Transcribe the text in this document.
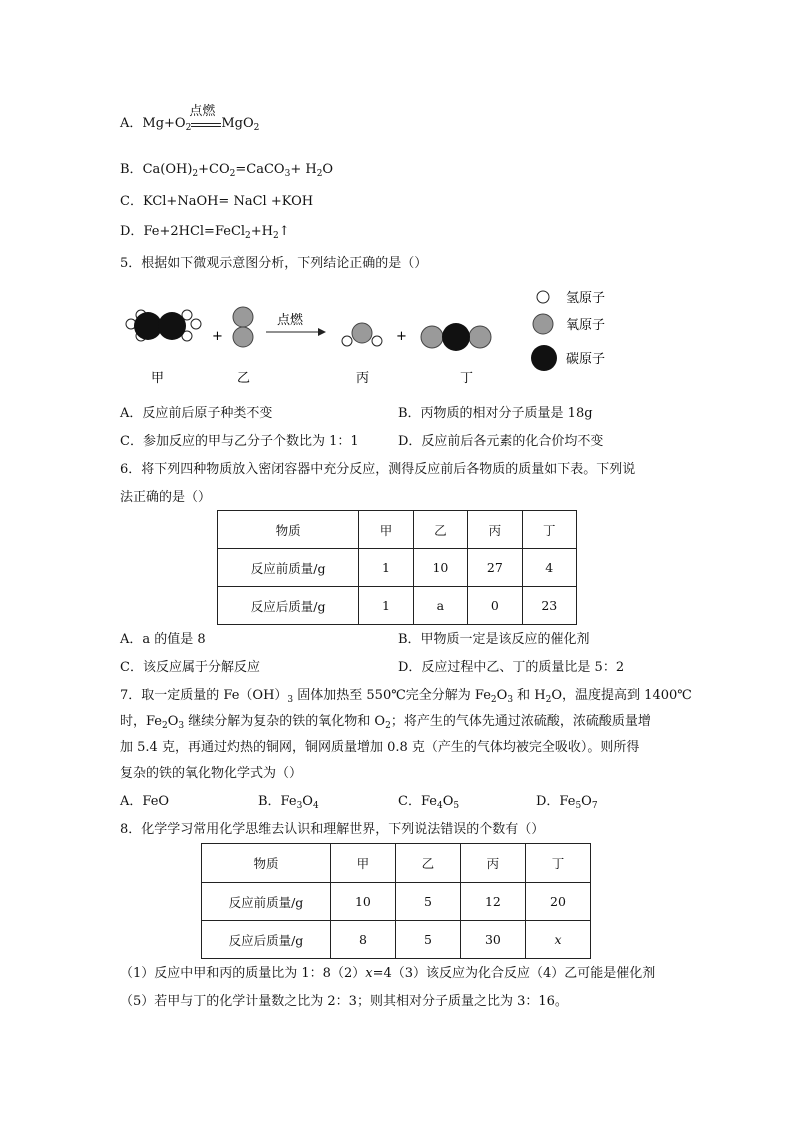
A．$Mg+O_2$
点燃
MgO$_2$
B．$Ca(OH)_2+CO_2=CaCO_3+ H_2O$
C．KCl+NaOH= NaCl +KOH
D．$Fe+2HCl=FeCl_2+H_2↑$
5．根据如下微观示意图分析，下列结论正确的是（）
+
点燃
+
甲	乙	丙	丁
氢原子
氧原子
碳原子
A．反应前后原子种类不变	B．丙物质的相对分子质量是 18g
C．参加反应的甲与乙分子个数比为 1：1	D．反应前后各元素的化合价均不变
6．将下列四种物质放入密闭容器中充分反应，测得反应前后各物质的质量如下表。下列说
法正确的是（）
物质	甲	乙	丙	丁
反应前质量/g	1	10	27	4
反应后质量/g	1	a	0	23
A．a 的值是 8	B．甲物质一定是该反应的催化剂
C．该反应属于分解反应	D．反应过程中乙、丁的质量比是 5：2
7．取一定质量的 $Fe(OH)_3$ 固体加热至 550℃完全分解为 $Fe_2O_3$ 和 $H_2O$，温度提高到 1400℃
时，$Fe_2O_3$ 继续分解为复杂的铁的氧化物和 $O_2$；将产生的气体先通过浓硫酸，浓硫酸质量增
加 5.4 克，再通过灼热的铜网，铜网质量增加 0.8 克（产生的气体均被完全吸收）。则所得
复杂的铁的氧化物化学式为（）
A．FeO	B．$Fe_3O_4$	C．$Fe_4O_5$	D．$Fe_5O_7$
8．化学学习常用化学思维去认识和理解世界，下列说法错误的个数有（）
物质	甲	乙	丙	丁
反应前质量/g	10	5	12	20
反应后质量/g	8	5	30	x
（1）反应中甲和丙的质量比为 1：8（2）x=4（3）该反应为化合反应（4）乙可能是催化剂
（5）若甲与丁的化学计量数之比为 2：3；则其相对分子质量之比为 3：16。
